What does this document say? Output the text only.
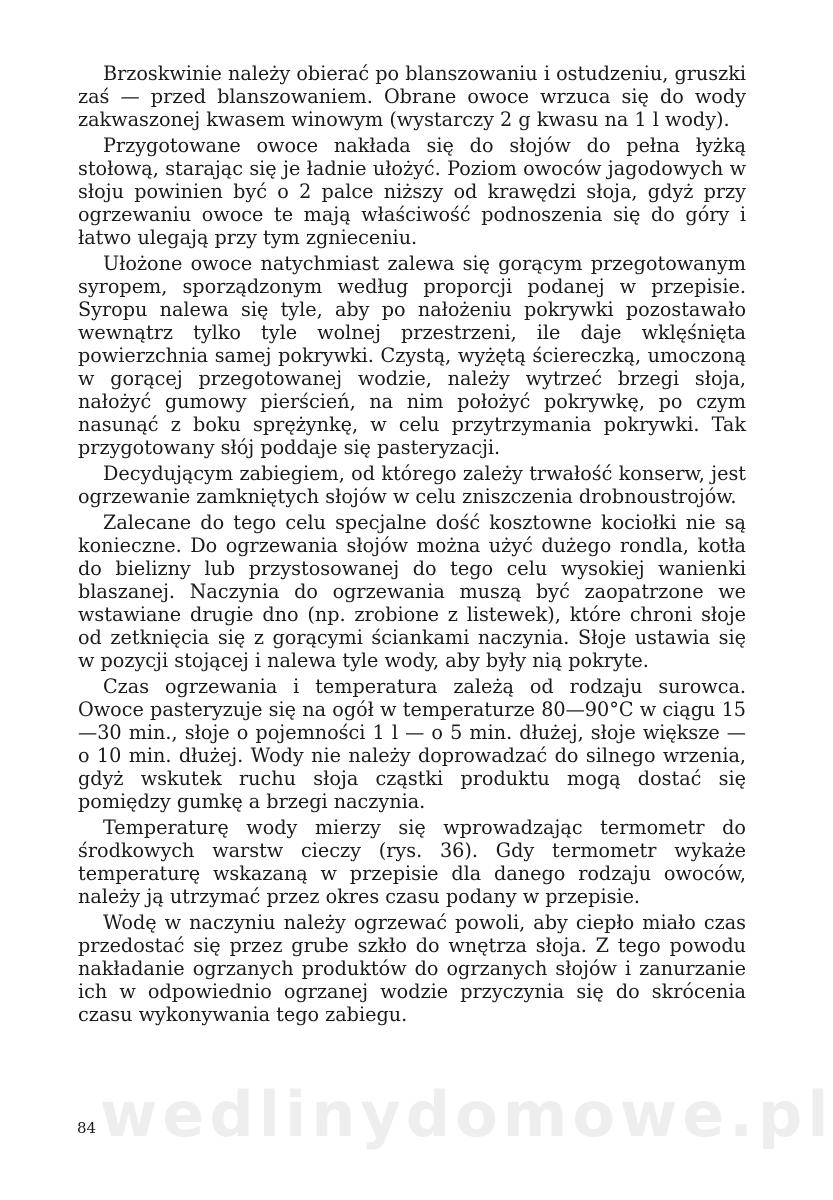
Brzoskwinie należy obierać po blanszowaniu i ostudzeniu, gruszki zaś — przed blanszowaniem. Obrane owoce wrzuca się do wody zakwaszonej kwasem winowym (wystarczy 2 g kwasu na 1 l wody).

Przygotowane owoce nakłada się do słojów do pełna łyżką stołową, starając się je ładnie ułożyć. Poziom owoców jagodowych w słoju powinien być o 2 palce niższy od krawędzi słoja, gdyż przy ogrzewaniu owoce te mają właściwość podnoszenia się do góry i łatwo ulegają przy tym zgnieceniu.

Ułożone owoce natychmiast zalewa się gorącym przegotowanym syropem, sporządzonym według proporcji podanej w przepisie. Syropu nalewa się tyle, aby po nałożeniu pokrywki pozostawało wewnątrz tylko tyle wolnej przestrzeni, ile daje wklęśnięta powierzchnia samej pokrywki. Czystą, wyżętą ściereczką, umoczoną w gorącej przegotowanej wodzie, należy wytrzeć brzegi słoja, nałożyć gumowy pierścień, na nim położyć pokrywkę, po czym nasunąć z boku sprężynkę, w celu przytrzymania pokrywki. Tak przygotowany słój poddaje się pasteryzacji.

Decydującym zabiegiem, od którego zależy trwałość konserw, jest ogrzewanie zamkniętych słojów w celu zniszczenia drobnoustrojów.

Zalecane do tego celu specjalne dość kosztowne kociołki nie są konieczne. Do ogrzewania słojów można użyć dużego rondla, kotła do bielizny lub przystosowanej do tego celu wysokiej wanienki blaszanej. Naczynia do ogrzewania muszą być zaopatrzone we wstawiane drugie dno (np. zrobione z listewek), które chroni słoje od zetknięcia się z gorącymi ściankami naczynia. Słoje ustawia się w pozycji stojącej i nalewa tyle wody, aby były nią pokryte.

Czas ogrzewania i temperatura zależą od rodzaju surowca. Owoce pasteryzuje się na ogół w temperaturze 80—90°C w ciągu 15—30 min., słoje o pojemności 1 l — o 5 min. dłużej, słoje większe — o 10 min. dłużej. Wody nie należy doprowadzać do silnego wrzenia, gdyż wskutek ruchu słoja cząstki produktu mogą dostać się pomiędzy gumkę a brzegi naczynia.

Temperaturę wody mierzy się wprowadzając termometr do środkowych warstw cieczy (rys. 36). Gdy termometr wykaże temperaturę wskazaną w przepisie dla danego rodzaju owoców, należy ją utrzymać przez okres czasu podany w przepisie.

Wodę w naczyniu należy ogrzewać powoli, aby ciepło miało czas przedostać się przez grube szkło do wnętrza słoja. Z tego powodu nakładanie ogrzanych produktów do ogrzanych słojów i zanurzanie ich w odpowiednio ogrzanej wodzie przyczynia się do skrócenia czasu wykonywania tego zabiegu.

wedlinydomowe.pl
84
